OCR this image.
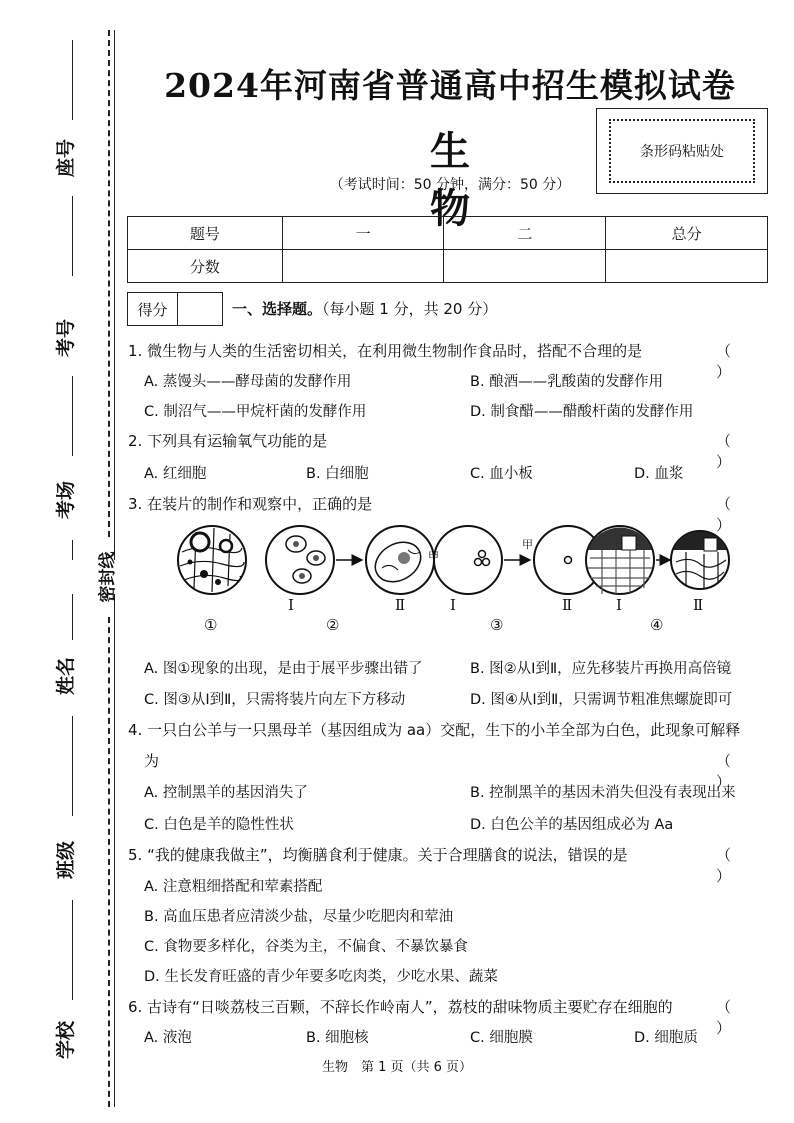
座号
考号
考场
姓名
班级
学校
密封线
2024年河南省普通高中招生模拟试卷
生物
（考试时间：50 分钟，满分：50 分）
条形码粘贴处
题号	一	二	总分
分数			
得分	一、选择题。（每小题 1 分，共 20 分）
1. 微生物与人类的生活密切相关，在利用微生物制作食品时，搭配不合理的是	（ ）
A. 蒸馒头——酵母菌的发酵作用	B. 酿酒——乳酸菌的发酵作用
C. 制沼气——甲烷杆菌的发酵作用	D. 制食醋——醋酸杆菌的发酵作用
2. 下列具有运输氧气功能的是	（ ）
A. 红细胞	B. 白细胞	C. 血小板	D. 血浆
3. 在装片的制作和观察中，正确的是	（ ）
甲
甲	A	A
Ⅰ	Ⅱ	Ⅰ	Ⅱ	Ⅰ	Ⅱ
①	②	③	④
A. 图①现象的出现，是由于展平步骤出错了	B. 图②从Ⅰ到Ⅱ，应先移装片再换用高倍镜
C. 图③从Ⅰ到Ⅱ，只需将装片向左下方移动	D. 图④从Ⅰ到Ⅱ，只需调节粗准焦螺旋即可
4. 一只白公羊与一只黑母羊（基因组成为 aa）交配，生下的小羊全部为白色，此现象可解释
为	（ ）
A. 控制黑羊的基因消失了	B. 控制黑羊的基因未消失但没有表现出来
C. 白色是羊的隐性性状	D. 白色公羊的基因组成必为 Aa
5. “我的健康我做主”，均衡膳食利于健康。关于合理膳食的说法，错误的是	（ ）
A. 注意粗细搭配和荤素搭配
B. 高血压患者应清淡少盐，尽量少吃肥肉和荤油
C. 食物要多样化，谷类为主，不偏食、不暴饮暴食
D. 生长发育旺盛的青少年要多吃肉类，少吃水果、蔬菜
6. 古诗有“日啖荔枝三百颗，不辞长作岭南人”，荔枝的甜味物质主要贮存在细胞的	（ ）
A. 液泡	B. 细胞核	C. 细胞膜	D. 细胞质
生物　第 1 页（共 6 页）
